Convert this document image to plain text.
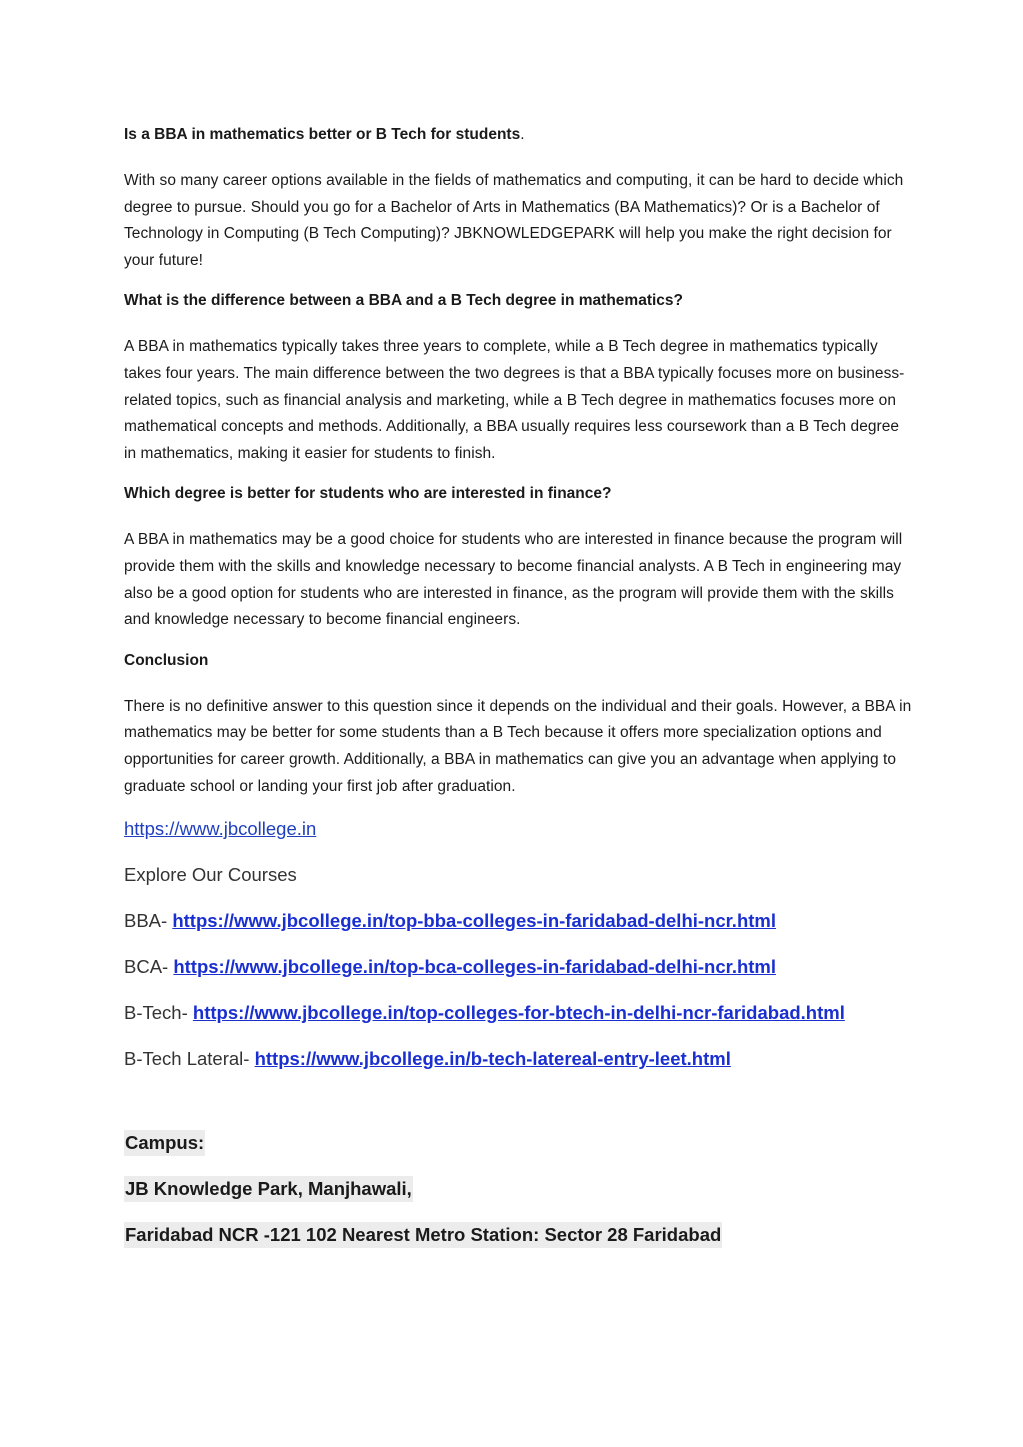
Is a BBA in mathematics better or B Tech for students.

With so many career options available in the fields of mathematics and computing, it can be hard to decide which degree to pursue. Should you go for a Bachelor of Arts in Mathematics (BA Mathematics)? Or is a Bachelor of Technology in Computing (B Tech Computing)? JBKNOWLEDGEPARK will help you make the right decision for your future!

What is the difference between a BBA and a B Tech degree in mathematics?

A BBA in mathematics typically takes three years to complete, while a B Tech degree in mathematics typically takes four years. The main difference between the two degrees is that a BBA typically focuses more on business-related topics, such as financial analysis and marketing, while a B Tech degree in mathematics focuses more on mathematical concepts and methods. Additionally, a BBA usually requires less coursework than a B Tech degree in mathematics, making it easier for students to finish.

Which degree is better for students who are interested in finance?

A BBA in mathematics may be a good choice for students who are interested in finance because the program will provide them with the skills and knowledge necessary to become financial analysts. A B Tech in engineering may also be a good option for students who are interested in finance, as the program will provide them with the skills and knowledge necessary to become financial engineers.

Conclusion

There is no definitive answer to this question since it depends on the individual and their goals. However, a BBA in mathematics may be better for some students than a B Tech because it offers more specialization options and opportunities for career growth. Additionally, a BBA in mathematics can give you an advantage when applying to graduate school or landing your first job after graduation.

https://www.jbcollege.in

Explore Our Courses

BBA- https://www.jbcollege.in/top-bba-colleges-in-faridabad-delhi-ncr.html

BCA- https://www.jbcollege.in/top-bca-colleges-in-faridabad-delhi-ncr.html

B-Tech- https://www.jbcollege.in/top-colleges-for-btech-in-delhi-ncr-faridabad.html

B-Tech Lateral- https://www.jbcollege.in/b-tech-latereal-entry-leet.html

Campus:
JB Knowledge Park, Manjhawali,
Faridabad NCR -121 102 Nearest Metro Station: Sector 28 Faridabad
